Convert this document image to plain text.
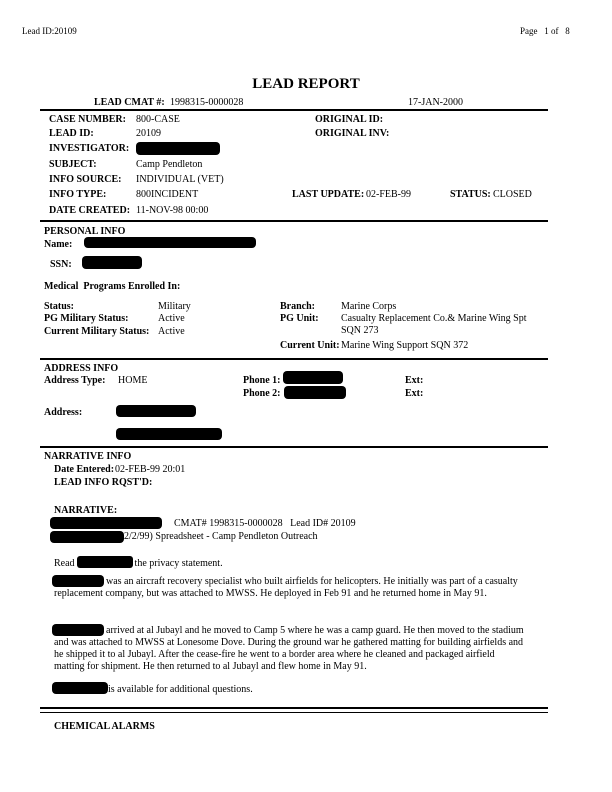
Lead ID:20109	Page   1 of   8
LEAD REPORT
LEAD CMAT #: 1998315-0000028	17-JAN-2000
CASE NUMBER: 800-CASE
LEAD ID:	20109
INVESTIGATOR:
SUBJECT:	Camp Pendleton
INFO SOURCE: INDIVIDUAL (VET)
INFO TYPE:	800INCIDENT
DATE CREATED: 11-NOV-98 00:00
ORIGINAL ID:
ORIGINAL INV:
LAST UPDATE: 02-FEB-99	STATUS: CLOSED
PERSONAL INFO
Name:
SSN:
Medical  Programs Enrolled In:
Status:	Military
PG Military Status:	Active
Current Military Status: Active
Branch:	Marine Corps
PG Unit: Casualty Replacement Co.& Marine Wing Spt
SQN 273
Current Unit: Marine Wing Support SQN 372
ADDRESS INFO
Address Type: HOME	Phone 1:
Phone 2:
Ext:
Ext:
Address:
NARRATIVE INFO
Date Entered: 02-FEB-99 20:01
LEAD INFO RQST'D:
NARRATIVE:
CMAT# 1998315-0000028   Lead ID# 20109
2/2/99) Spreadsheet - Camp Pendleton Outreach
Read	the privacy statement.
was an aircraft recovery specialist who built airfields for helicopters. He initially was part of a casualty replacement company, but was attached to MWSS. He deployed in Feb 91 and he returned home in May 91.
arrived at al Jubayl and he moved to Camp 5 where he was a camp guard. He then moved to the stadium and was attached to MWSS at Lonesome Dove. During the ground war he gathered matting for building airfields and he shipped it to al Jubayl. After the cease-fire he went to a border area where he cleaned and packaged airfield matting for shipment. He then returned to al Jubayl and flew home in May 91.
is available for additional questions.
CHEMICAL ALARMS
